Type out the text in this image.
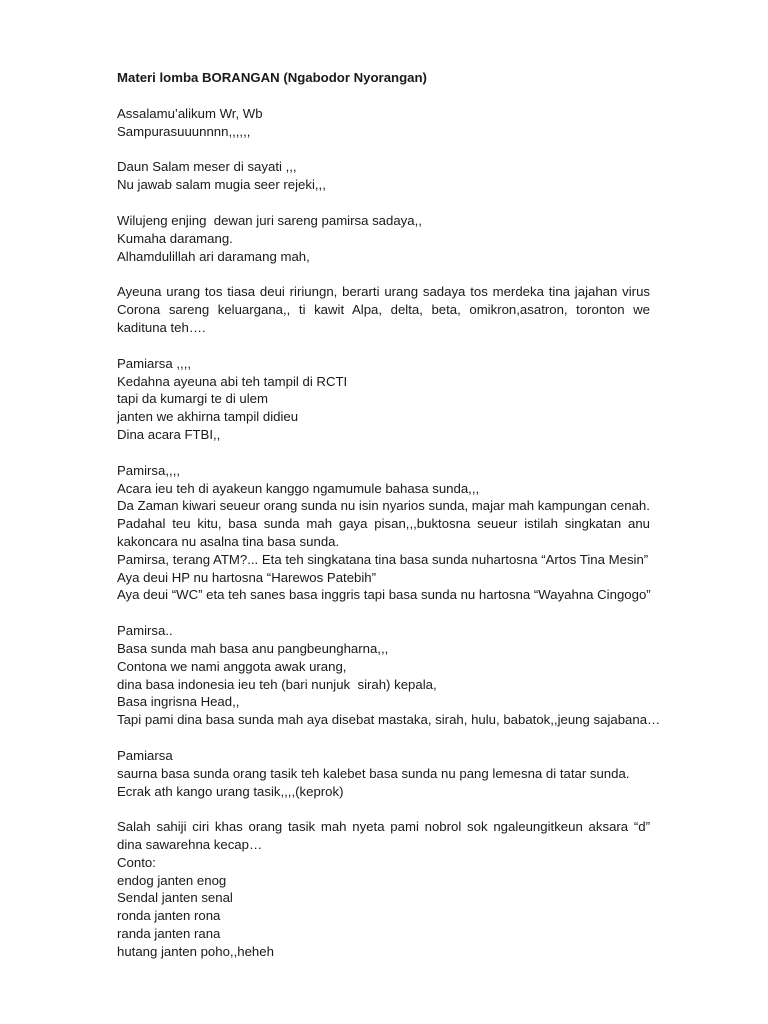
Materi lomba BORANGAN (Ngabodor Nyorangan)

Assalamu’alikum Wr, Wb
Sampurasuuunnnn,,,,,,
Daun Salam meser di sayati ,,,
Nu jawab salam mugia seer rejeki,,,
Wilujeng enjing  dewan juri sareng pamirsa sadaya,,
Kumaha daramang.
Alhamdulillah ari daramang mah,
Ayeuna urang tos tiasa deui ririungn, berarti urang sadaya tos merdeka tina jajahan virus Corona sareng keluargana,, ti kawit Alpa, delta, beta, omikron,asatron, toronton we kadituna teh….
Pamiarsa ,,,,
Kedahna ayeuna abi teh tampil di RCTI
tapi da kumargi te di ulem
janten we akhirna tampil didieu
Dina acara FTBI,,
Pamirsa,,,,
Acara ieu teh di ayakeun kanggo ngamumule bahasa sunda,,,
Da Zaman kiwari seueur orang sunda nu isin nyarios sunda, majar mah kampungan cenah.
Padahal teu kitu, basa sunda mah gaya pisan,,,buktosna seueur istilah singkatan anu kakoncara nu asalna tina basa sunda.
Pamirsa, terang ATM?... Eta teh singkatana tina basa sunda nuhartosna “Artos Tina Mesin”
Aya deui HP nu hartosna “Harewos Patebih”
Aya deui “WC” eta teh sanes basa inggris tapi basa sunda nu hartosna “Wayahna Cingogo”
Pamirsa..
Basa sunda mah basa anu pangbeungharna,,,
Contona we nami anggota awak urang,
dina basa indonesia ieu teh (bari nunjuk  sirah) kepala,
Basa ingrisna Head,,
Tapi pami dina basa sunda mah aya disebat mastaka, sirah, hulu, babatok,,jeung sajabana…
Pamiarsa
saurna basa sunda orang tasik teh kalebet basa sunda nu pang lemesna di tatar sunda.
Ecrak ath kango urang tasik,,,,(keprok)
Salah sahiji ciri khas orang tasik mah nyeta pami nobrol sok ngaleungitkeun aksara “d” dina sawarehna kecap…
Conto:
endog janten enog
Sendal janten senal
ronda janten rona
randa janten rana
hutang janten poho,,heheh
